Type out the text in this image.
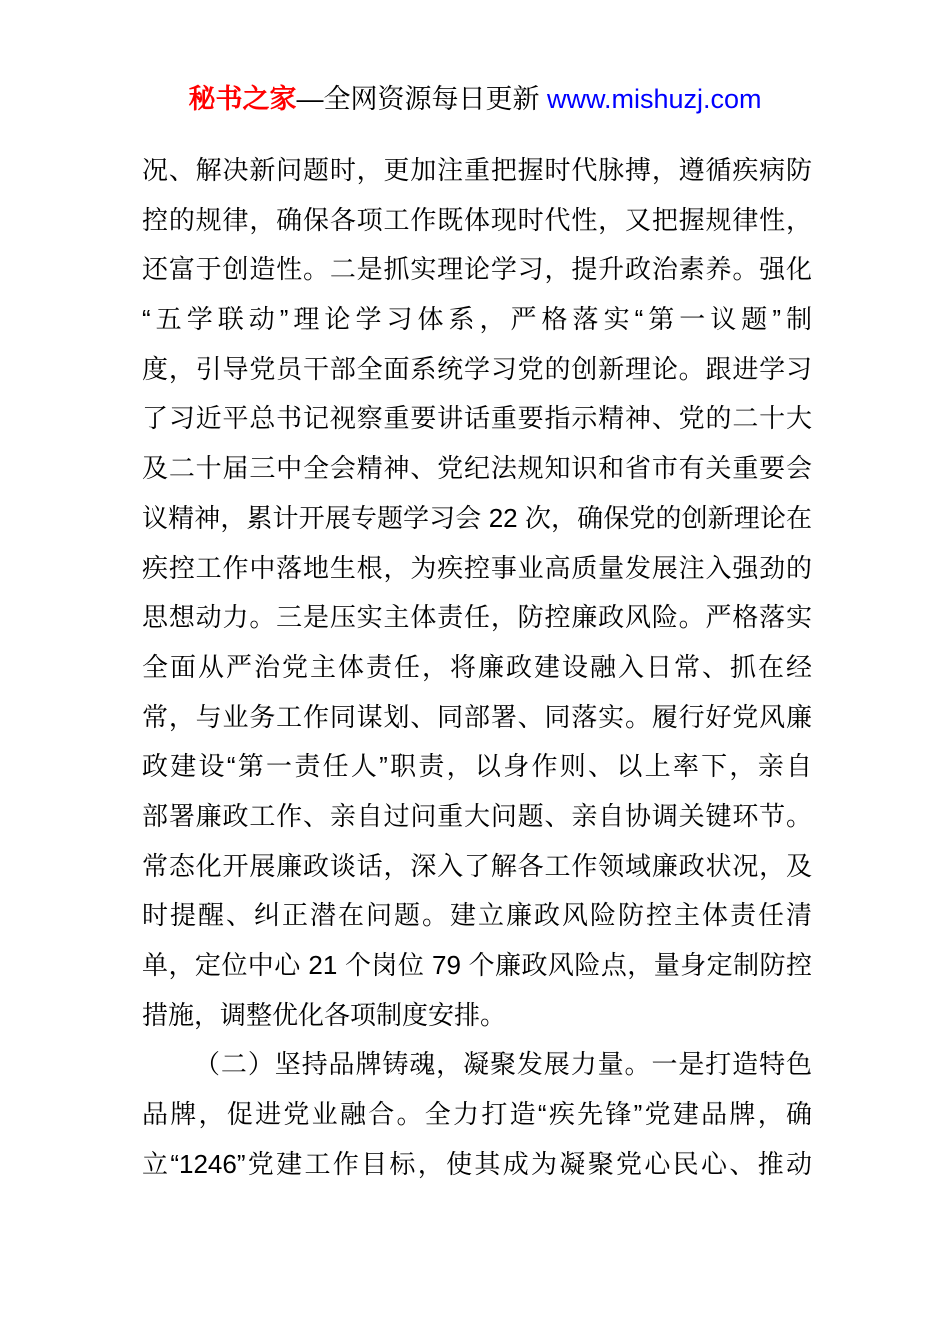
秘书之家—全网资源每日更新 www.mishuzj.com
况、解决新问题时，更加注重把握时代脉搏，遵循疾病防
控的规律，确保各项工作既体现时代性，又把握规律性，
还富于创造性。二是抓实理论学习，提升政治素养。强化
“五学联动”理论学习体系，严格落实“第一议题”制
度，引导党员干部全面系统学习党的创新理论。跟进学习
了习近平总书记视察重要讲话重要指示精神、党的二十大
及二十届三中全会精神、党纪法规知识和省市有关重要会
议精神，累计开展专题学习会 22 次，确保党的创新理论在
疾控工作中落地生根，为疾控事业高质量发展注入强劲的
思想动力。三是压实主体责任，防控廉政风险。严格落实
全面从严治党主体责任，将廉政建设融入日常、抓在经
常，与业务工作同谋划、同部署、同落实。履行好党风廉
政建设“第一责任人”职责，以身作则、以上率下，亲自
部署廉政工作、亲自过问重大问题、亲自协调关键环节。
常态化开展廉政谈话，深入了解各工作领域廉政状况，及
时提醒、纠正潜在问题。建立廉政风险防控主体责任清
单，定位中心 21 个岗位 79 个廉政风险点，量身定制防控
措施，调整优化各项制度安排。
（二）坚持品牌铸魂，凝聚发展力量。一是打造特色
品牌，促进党业融合。全力打造“疾先锋”党建品牌，确
立“1246”党建工作目标，使其成为凝聚党心民心、推动
